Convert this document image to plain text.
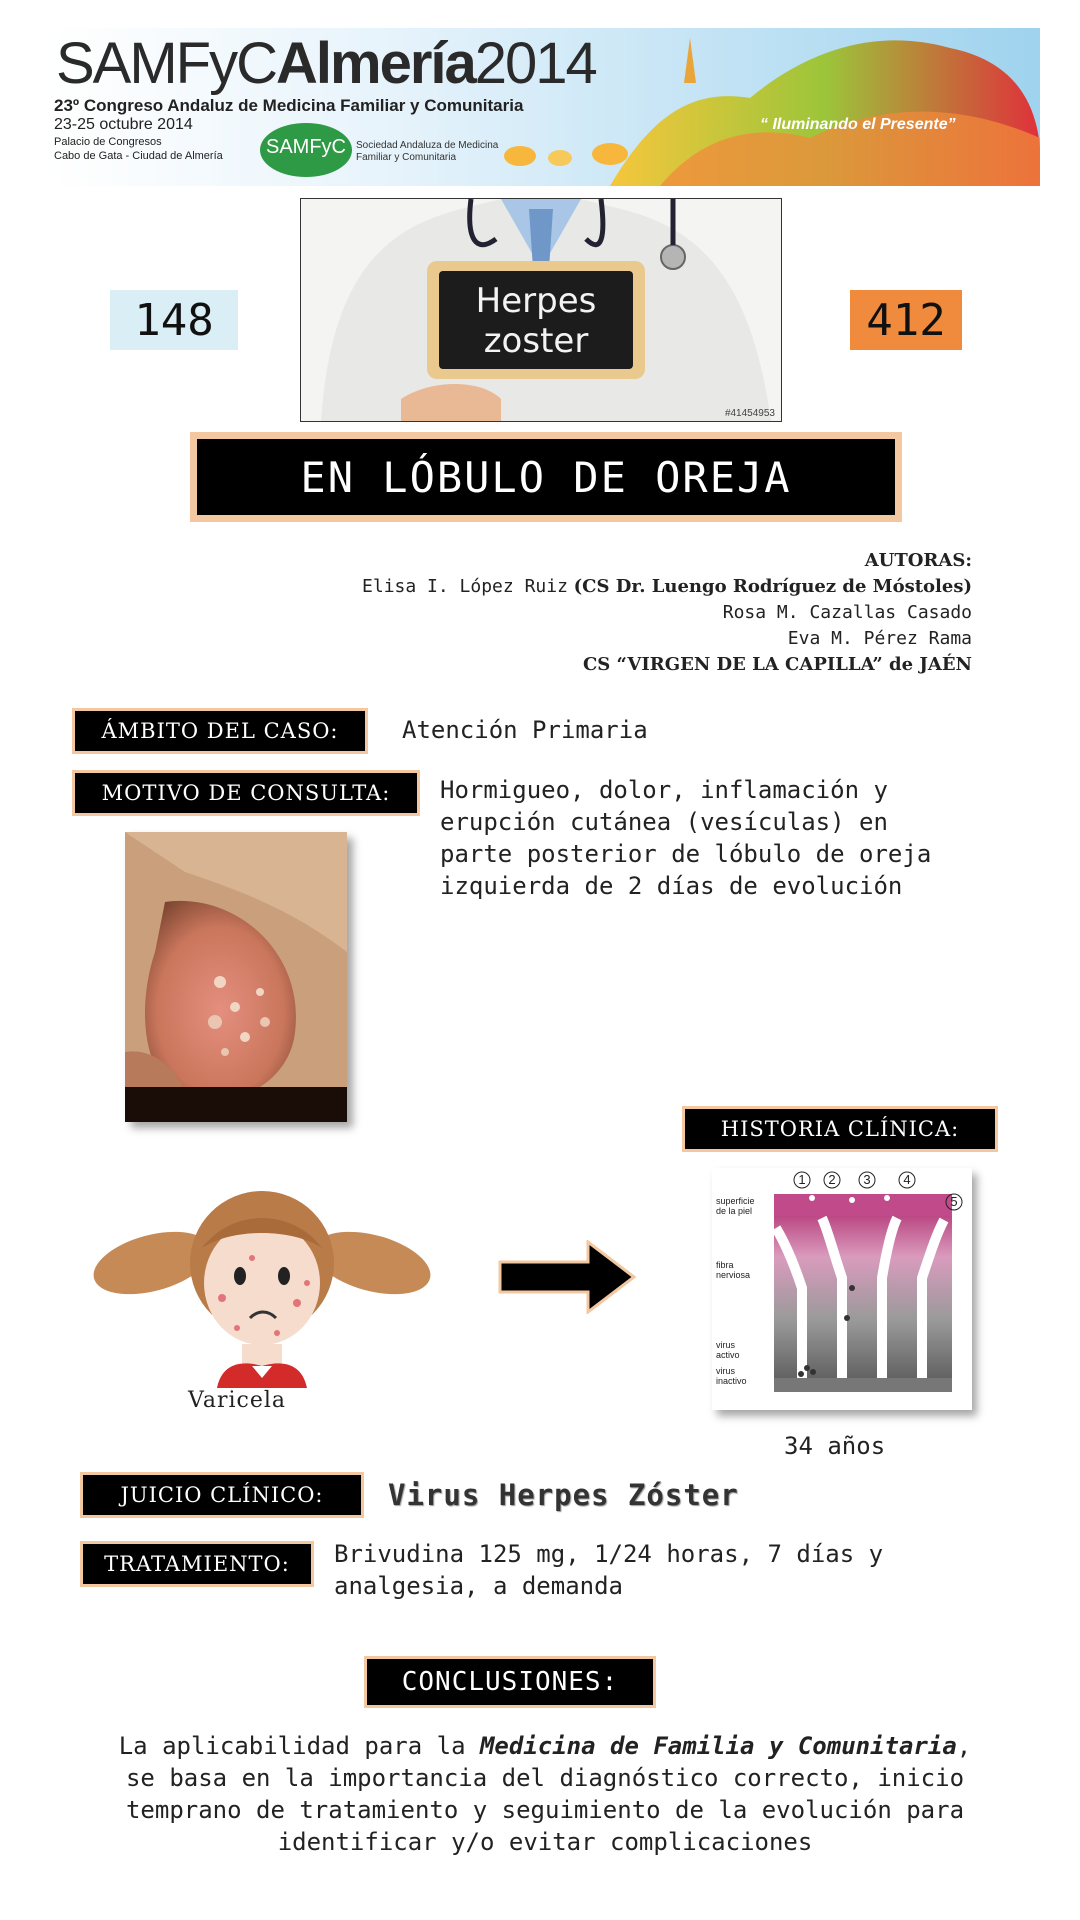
SAMFyCAlmería2014
23º Congreso Andaluz de Medicina Familiar y Comunitaria
23-25 octubre 2014
Palacio de Congresos
Cabo de Gata - Ciudad de Almería SAMFyC Sociedad Andaluza de Medicina
Familiar y Comunitaria
“ Iluminando el Presente”
148	412
Herpes
zoster
#41454953
EN LÓBULO DE OREJA
AUTORAS:
Elisa I. López Ruiz (CS Dr. Luengo Rodríguez de Móstoles)
Rosa M. Cazallas Casado
Eva M. Pérez Rama
CS “VIRGEN DE LA CAPILLA” de JAÉN
ÁMBITO DEL CASO:	Atención Primaria
MOTIVO DE CONSULTA:	Hormigueo, dolor, inflamación y erupción cutánea (vesículas) en parte posterior de lóbulo de oreja izquierda de 2 días de evolución
HISTORIA CLÍNICA:
Varicela
1 2 3	4
5
superficie
de la piel
fibra
nerviosa
virus
activo
virus
inactivo
34 años
JUICIO CLÍNICO:	Virus Herpes Zóster
TRATAMIENTO:	Brivudina 125 mg, 1/24 horas, 7 días y analgesia, a demanda
CONCLUSIONES:
La aplicabilidad para la Medicina de Familia y Comunitaria, se basa en la importancia del diagnóstico correcto, inicio temprano de tratamiento y seguimiento de la evolución para identificar y/o evitar complicaciones
